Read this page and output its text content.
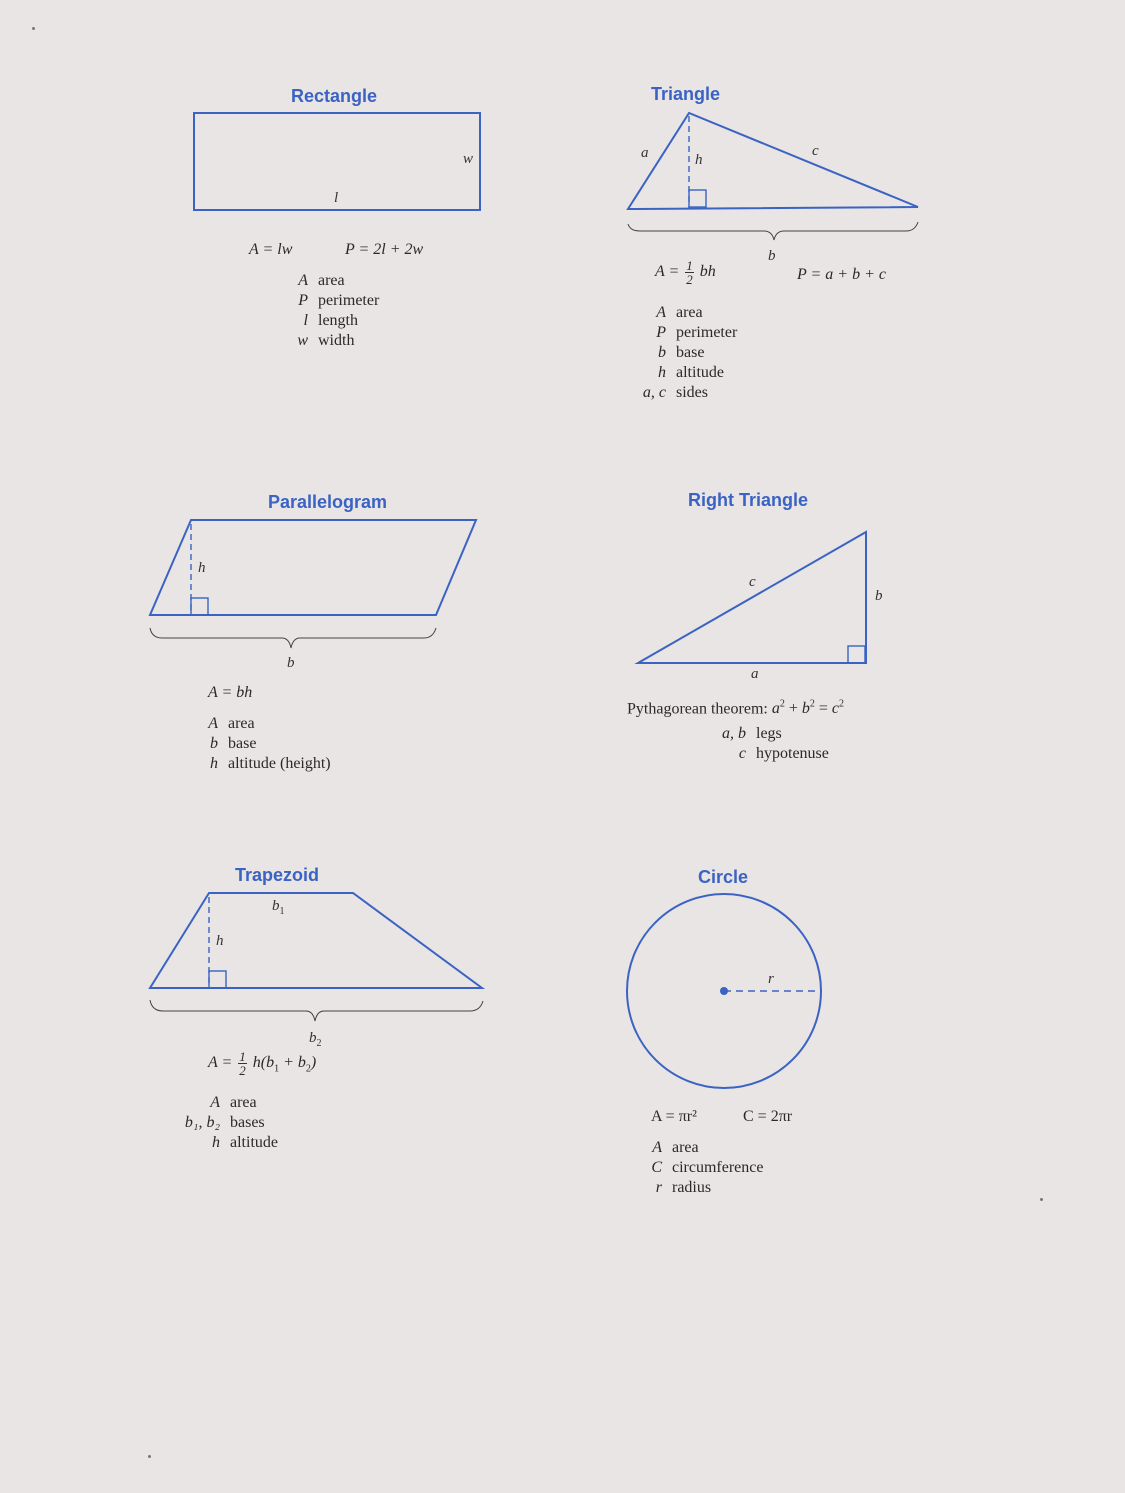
Rectangle
w
l
A = lw	P = 2l + 2w
A area
P perimeter
l length
w width
Triangle
a	h
c
b
$A = \frac{1}{2}$ bh	P = a + b + c
A area
P perimeter
b base
h altitude
a, c sides
Parallelogram
h
b
A = bh
A area
b base
h altitude (height)
Right Triangle
c
b
a
Pythagorean theorem: $a^2 + b^2 = c^2$
a, b legs
c hypotenuse
Trapezoid
$b_1$
h
$b_2$
$A = \frac{1}{2} h(b_1 + b_2)$
A area
b₁, b₂ bases
h altitude
Circle
r
A = πr²	C = 2πr
A area
C circumference
r radius
